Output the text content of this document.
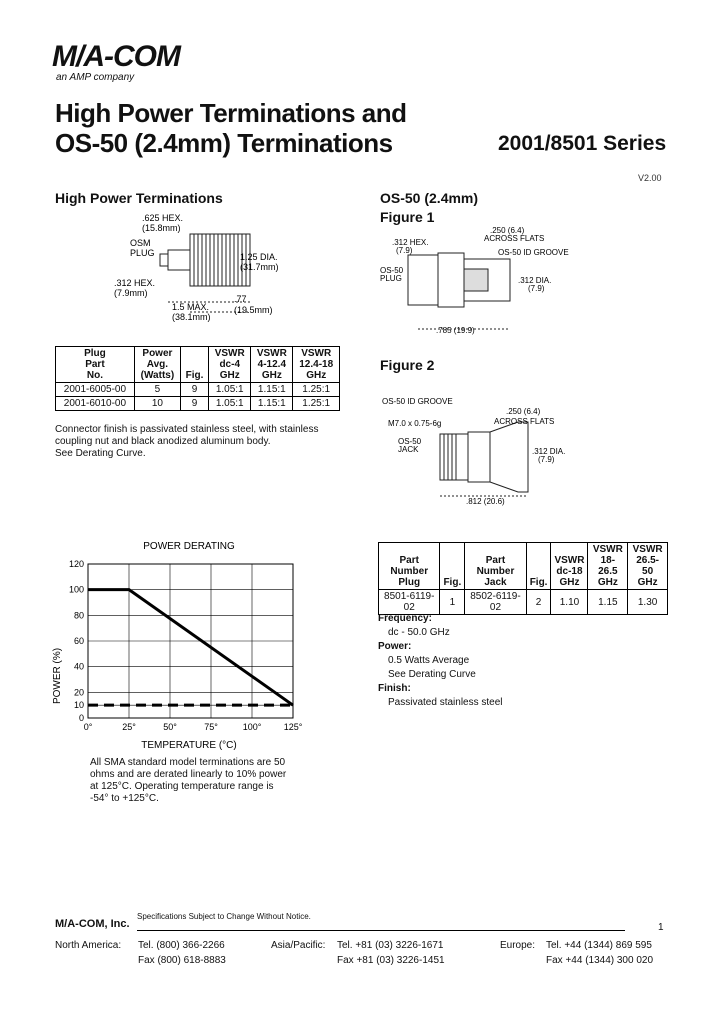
M/A-COM
an AMP company
High Power Terminations and
OS-50 (2.4mm) Terminations	2001/8501 Series
V2.00
High Power Terminations
.625 HEX.
(15.8mm)
OSM
PLUG	1.25 DIA.
(31.7mm)
.312 HEX.
(7.9mm)
1.5 MAX.
(38.1mm)
.77
(19.5mm)
Plug
Part
No.	Power
Avg.
(Watts)	Fig.	VSWR
dc-4
GHz	VSWR
4-12.4
GHz	VSWR
12.4-18
GHz
2001-6005-00	5	9	1.05:1	1.15:1	1.25:1
2001-6010-00	10	9	1.05:1	1.15:1	1.25:1
Connector finish is passivated stainless steel, with stainless coupling nut and black anodized aluminum body.
See Derating Curve.
POWER DERATING
POWER (%)
TEMPERATURE (°C)
0°	25°	50°	75°	100° 125°
0
10
20
40
60
80
100
120
All SMA standard model terminations are 50 ohms and are derated linearly to 10% power at 125°C. Operating temperature range is -54° to +125°C.
OS-50 (2.4mm)
Figure 1
.250 (6.4)
ACROSS FLATS
.312 HEX.
(7.9)	OS-50 ID GROOVE
OS-50
PLUG	.312 DIA.
(7.9)
.785 (19.9)
Figure 2
OS-50 ID GROOVE
.250 (6.4)
M7.0 x 0.75-6g	ACROSS FLATS
OS-50
JACK	.312 DIA.
(7.9)
.812 (20.6)
Part
Number
Plug	Fig.	Part
Number
Jack	Fig.	VSWR
dc-18
GHz	VSWR
18-26.5
GHz	VSWR
26.5-50
GHz
8501-6119-02	1	8502-6119-02	2	1.10	1.15	1.30
Frequency:
dc - 50.0 GHz
Power:
0.5 Watts Average
See Derating Curve
Finish:
Passivated stainless steel
M/A-COM, Inc.
Specifications Subject to Change Without Notice.
1
North America: Tel. (800) 366-2266
Fax (800) 618-8883
Asia/Pacific: Tel. +81 (03) 3226-1671
Fax +81 (03) 3226-1451
Europe: Tel. +44 (1344) 869 595
Fax +44 (1344) 300 020
